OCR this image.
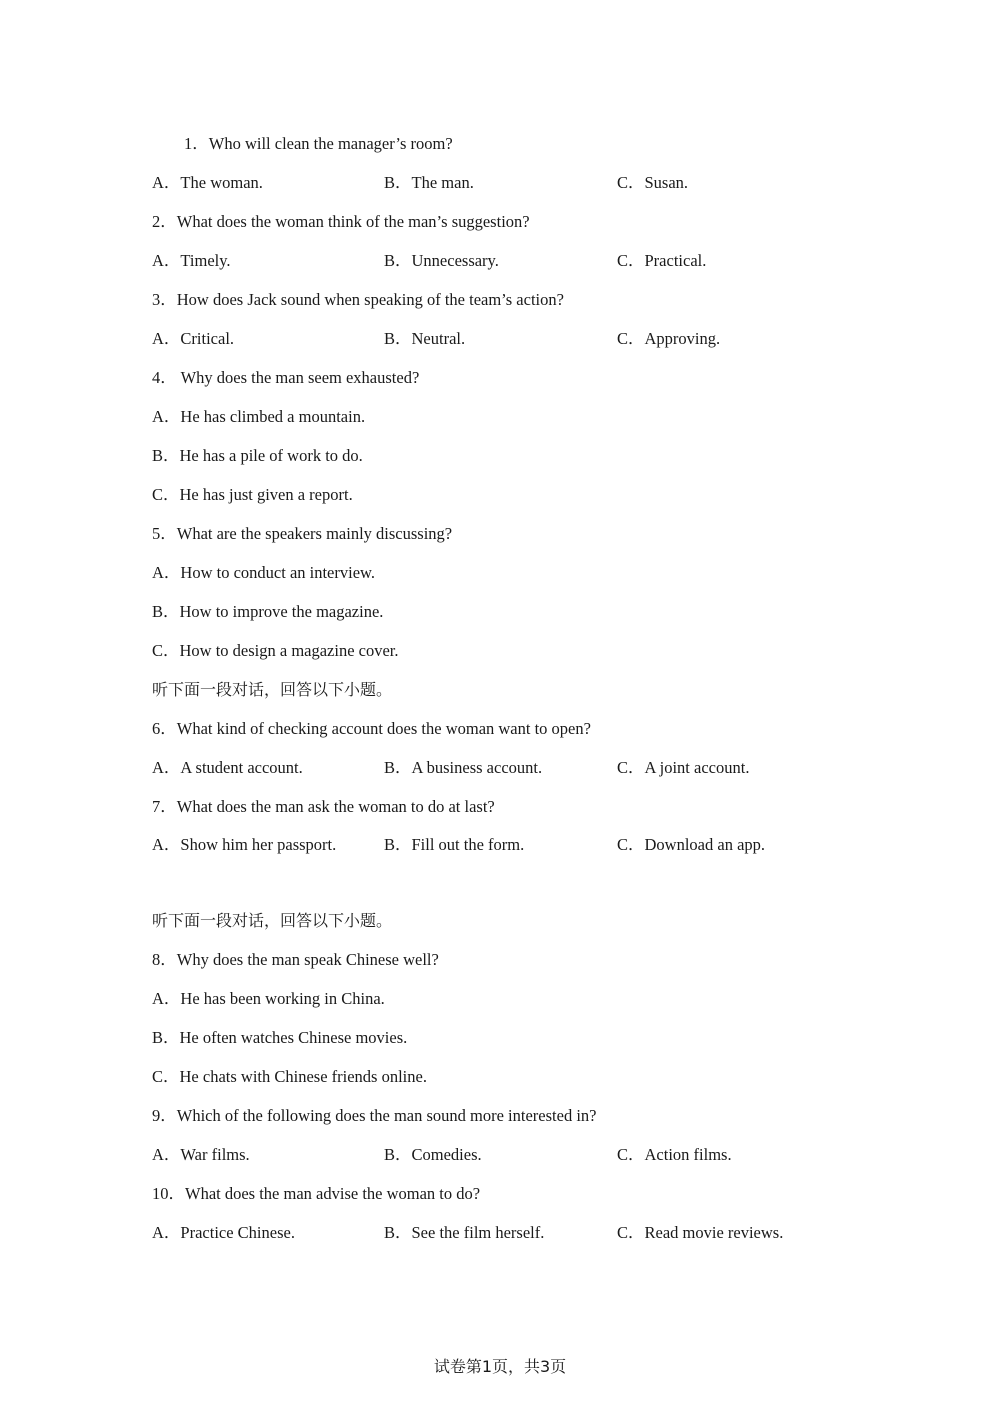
1．Who will clean the manager’s room?
A．The woman.	B．The man.	C．Susan.
2．What does the woman think of the man’s suggestion?
A．Timely.	B．Unnecessary.	C．Practical.
3．How does Jack sound when speaking of the team’s action?
A．Critical.	B．Neutral.	C．Approving.
4． Why does the man seem exhausted?
A．He has climbed a mountain.
B．He has a pile of work to do.
C．He has just given a report.
5．What are the speakers mainly discussing?
A．How to conduct an interview.
B．How to improve the magazine.
C．How to design a magazine cover.
听下面一段对话，回答以下小题。
6．What kind of checking account does the woman want to open?
A．A student account.	B．A business account.	C．A joint account.
7．What does the man ask the woman to do at last?
A．Show him her passport.	B．Fill out the form.	C．Download an app.
听下面一段对话，回答以下小题。
8．Why does the man speak Chinese well?
A．He has been working in China.
B．He often watches Chinese movies.
C．He chats with Chinese friends online.
9．Which of the following does the man sound more interested in?
A．War films.	B．Comedies.	C．Action films.
10．What does the man advise the woman to do?
A．Practice Chinese.	B．See the film herself.	C．Read movie reviews.
试卷第1页，共3页
